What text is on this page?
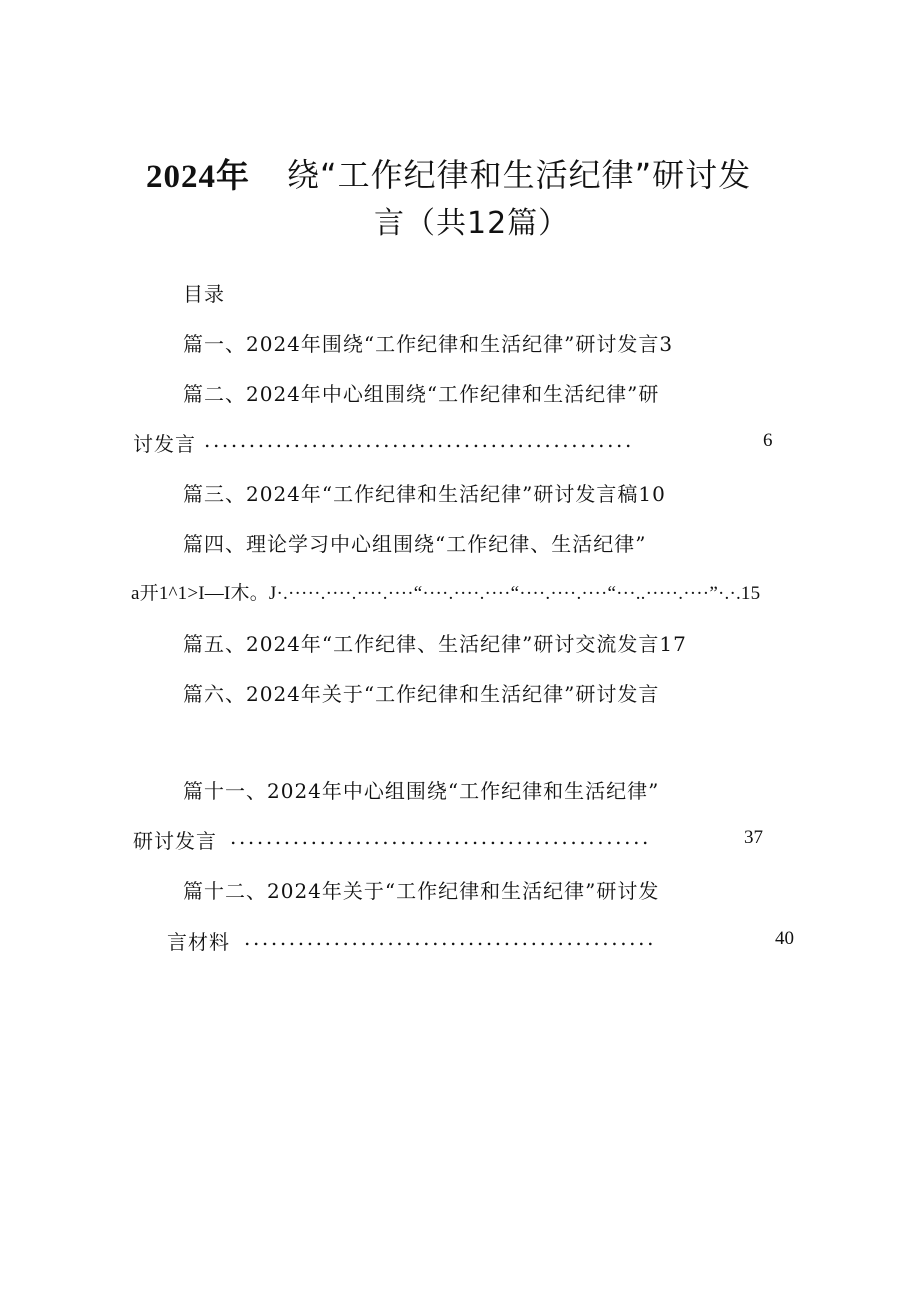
2024年 绕“工作纪律和生活纪律”研讨发
言（共12篇）
目录
篇一、2024年围绕“工作纪律和生活纪律”研讨发言3
篇二、2024年中心组围绕“工作纪律和生活纪律”研
讨发言 ................................................	6
篇三、2024年“工作纪律和生活纪律”研讨发言稿10
篇四、理论学习中心组围绕“工作纪律、生活纪律”
a开1^1>I—I木。J·.·····.····.····.····“····.····.····“····.····.····“···..·····.····”·.·.15
篇五、2024年“工作纪律、生活纪律”研讨交流发言17
篇六、2024年关于“工作纪律和生活纪律”研讨发言
篇十一、2024年中心组围绕“工作纪律和生活纪律”
研讨发言 ...............................................	37
篇十二、2024年关于“工作纪律和生活纪律”研讨发
言材料 ..............................................	40
